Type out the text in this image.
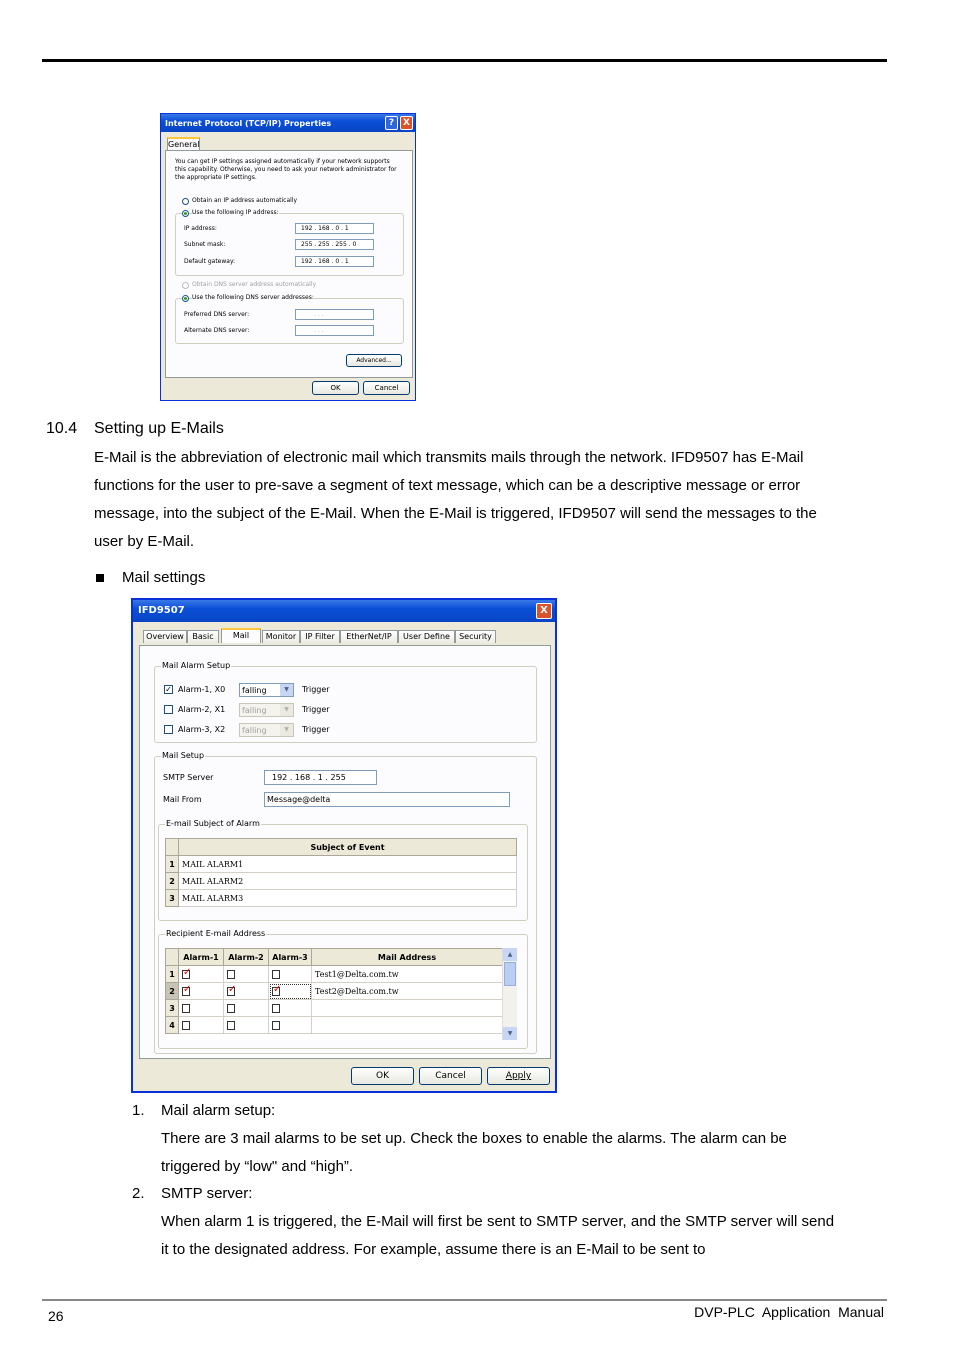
Internet Protocol (TCP/IP) Properties	? X
General
You can get IP settings assigned automatically if your network supports
this capability. Otherwise, you need to ask your network administrator for
the appropriate IP settings.
Obtain an IP address automatically
Use the following IP address:
IP address:	192 . 168 . 0 . 1
Subnet mask:	255 . 255 . 255 . 0
Default gateway:	192 . 168 . 0 . 1
Obtain DNS server address automatically
Use the following DNS server addresses:
Preferred DNS server:	. . .
Alternate DNS server:	. . .
Advanced...
OK	Cancel
10.4 Setting up E-Mails
E-Mail is the abbreviation of electronic mail which transmits mails through the network. IFD9507 has E-Mail
functions for the user to pre-save a segment of text message, which can be a descriptive message or error
message, into the subject of the E-Mail. When the E-Mail is triggered, IFD9507 will send the messages to the
user by E-Mail.
Mail settings
IFD9507	X
Overview	Basic	Mail	Monitor	IP Filter	EtherNet/IP	User Define	Security
Mail Alarm Setup
✓ Alarm-1, X0 falling	▼	Trigger
Alarm-2, X1 falling	▼	Trigger
Alarm-3, X2 falling	▼	Trigger
Mail Setup
SMTP Server	192 . 168 . 1 . 255
Mail From	Message@delta
E-mail Subject of Alarm
	Subject of Event
1	MAIL ALARM1
2	MAIL ALARM2
3	MAIL ALARM3
Recipient E-mail Address
	Alarm-1	Alarm-2	Alarm-3	Mail Address
1	✓			Test1@Delta.com.tw
2	✓	✓	✓	Test2@Delta.com.tw
3				
4				
▲
▼
OK	Cancel	Apply
1. Mail alarm setup:
There are 3 mail alarms to be set up. Check the boxes to enable the alarms. The alarm can be
triggered by “low" and “high”.
2. SMTP server:
When alarm 1 is triggered, the E-Mail will first be sent to SMTP server, and the SMTP server will send
it to the designated address. For example, assume there is an E-Mail to be sent to
26	DVP-PLC  Application  Manual
